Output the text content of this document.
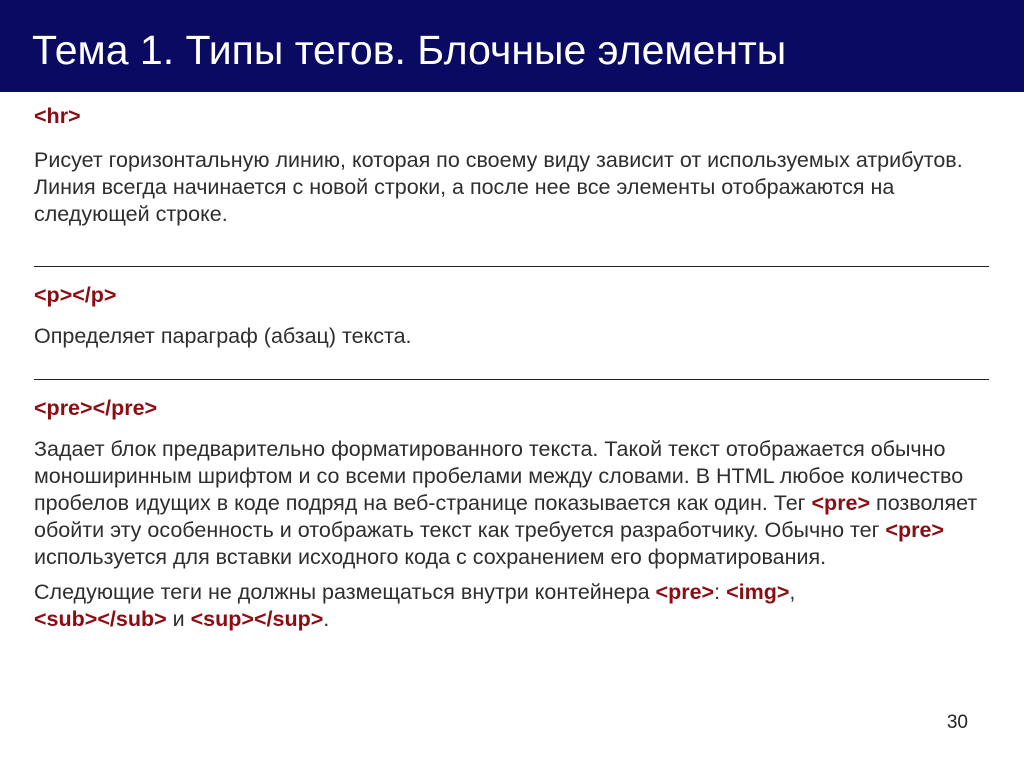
Тема 1. Типы тегов. Блочные элементы
<hr>

Рисует горизонтальную линию, которая по своему виду зависит от используемых атрибутов. Линия всегда начинается с новой строки, а после нее все элементы отображаются на следующей строке.

<p></p>

Определяет параграф (абзац) текста.

<pre></pre>

Задает блок предварительно форматированного текста. Такой текст отображается обычно моноширинным шрифтом и со всеми пробелами между словами. В HTML любое количество пробелов идущих в коде подряд на веб-странице показывается как один. Тег <pre> позволяет обойти эту особенность и отображать текст как требуется разработчику. Обычно тег <pre> используется для вставки исходного кода с сохранением его форматирования.

Следующие теги не должны размещаться внутри контейнера <pre>: <img>,
<sub></sub> и <sup></sup>.

30
